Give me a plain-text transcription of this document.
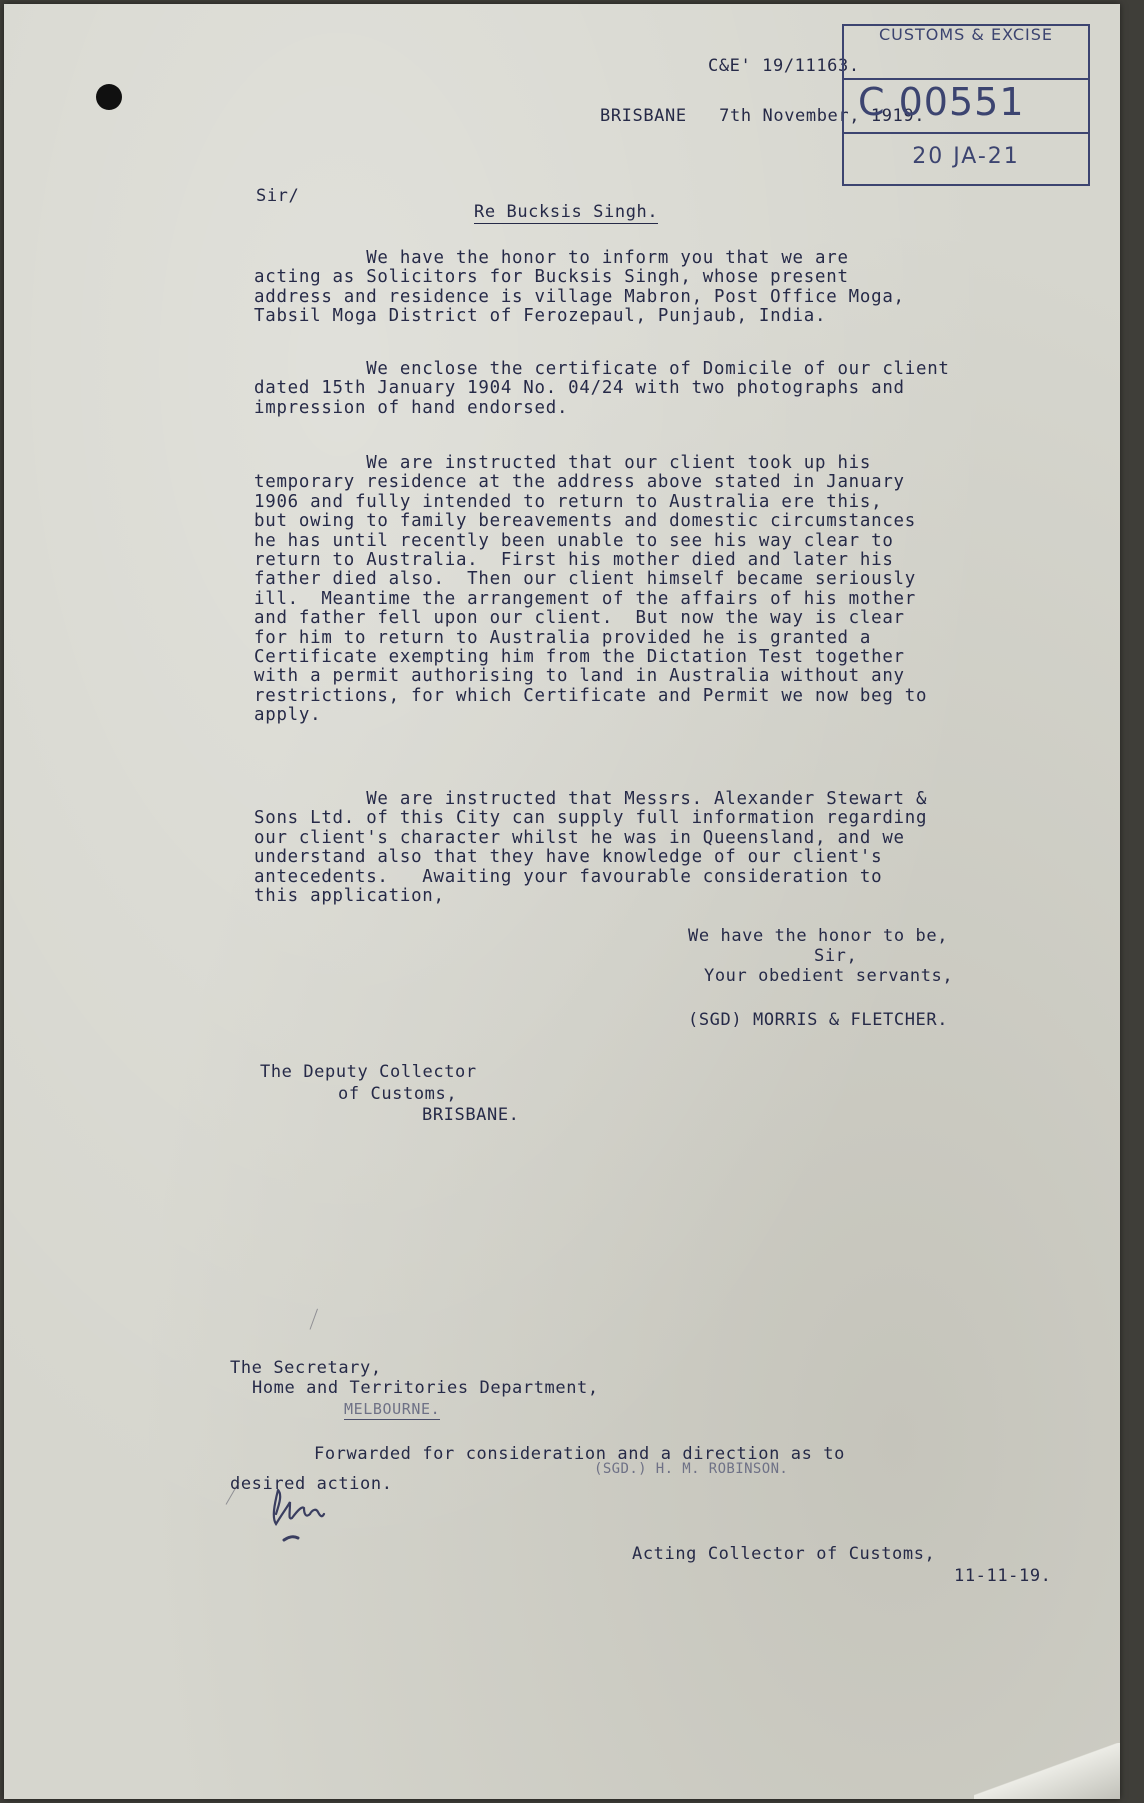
C&E' 19/11163.
BRISBANE   7th November, 1919.
CUSTOMS & EXCISE
C 00551
20 JA-21
Sir/
Re Bucksis Singh.
We have the honor to inform you that we are
acting as Solicitors for Bucksis Singh, whose present
address and residence is village Mabron, Post Office Moga,
Tabsil Moga District of Ferozepaul, Punjaub, India.
We enclose the certificate of Domicile of our client
dated 15th January 1904 No. 04/24 with two photographs and
impression of hand endorsed.
We are instructed that our client took up his
temporary residence at the address above stated in January
1906 and fully intended to return to Australia ere this,
but owing to family bereavements and domestic circumstances
he has until recently been unable to see his way clear to
return to Australia.  First his mother died and later his
father died also.  Then our client himself became seriously
ill.  Meantime the arrangement of the affairs of his mother
and father fell upon our client.  But now the way is clear
for him to return to Australia provided he is granted a
Certificate exempting him from the Dictation Test together
with a permit authorising to land in Australia without any
restrictions, for which Certificate and Permit we now beg to
apply.
We are instructed that Messrs. Alexander Stewart &
Sons Ltd. of this City can supply full information regarding
our client's character whilst he was in Queensland, and we
understand also that they have knowledge of our client's
antecedents.   Awaiting your favourable consideration to
this application,
We have the honor to be,
Sir,
Your obedient servants,
(SGD) MORRIS & FLETCHER.
The Deputy Collector
of Customs,
BRISBANE.
The Secretary,
Home and Territories Department,
MELBOURNE.
Forwarded for consideration and a direction as to
(SGD.) H. M. ROBINSON.
desired action.
Acting Collector of Customs,
11-11-19.
